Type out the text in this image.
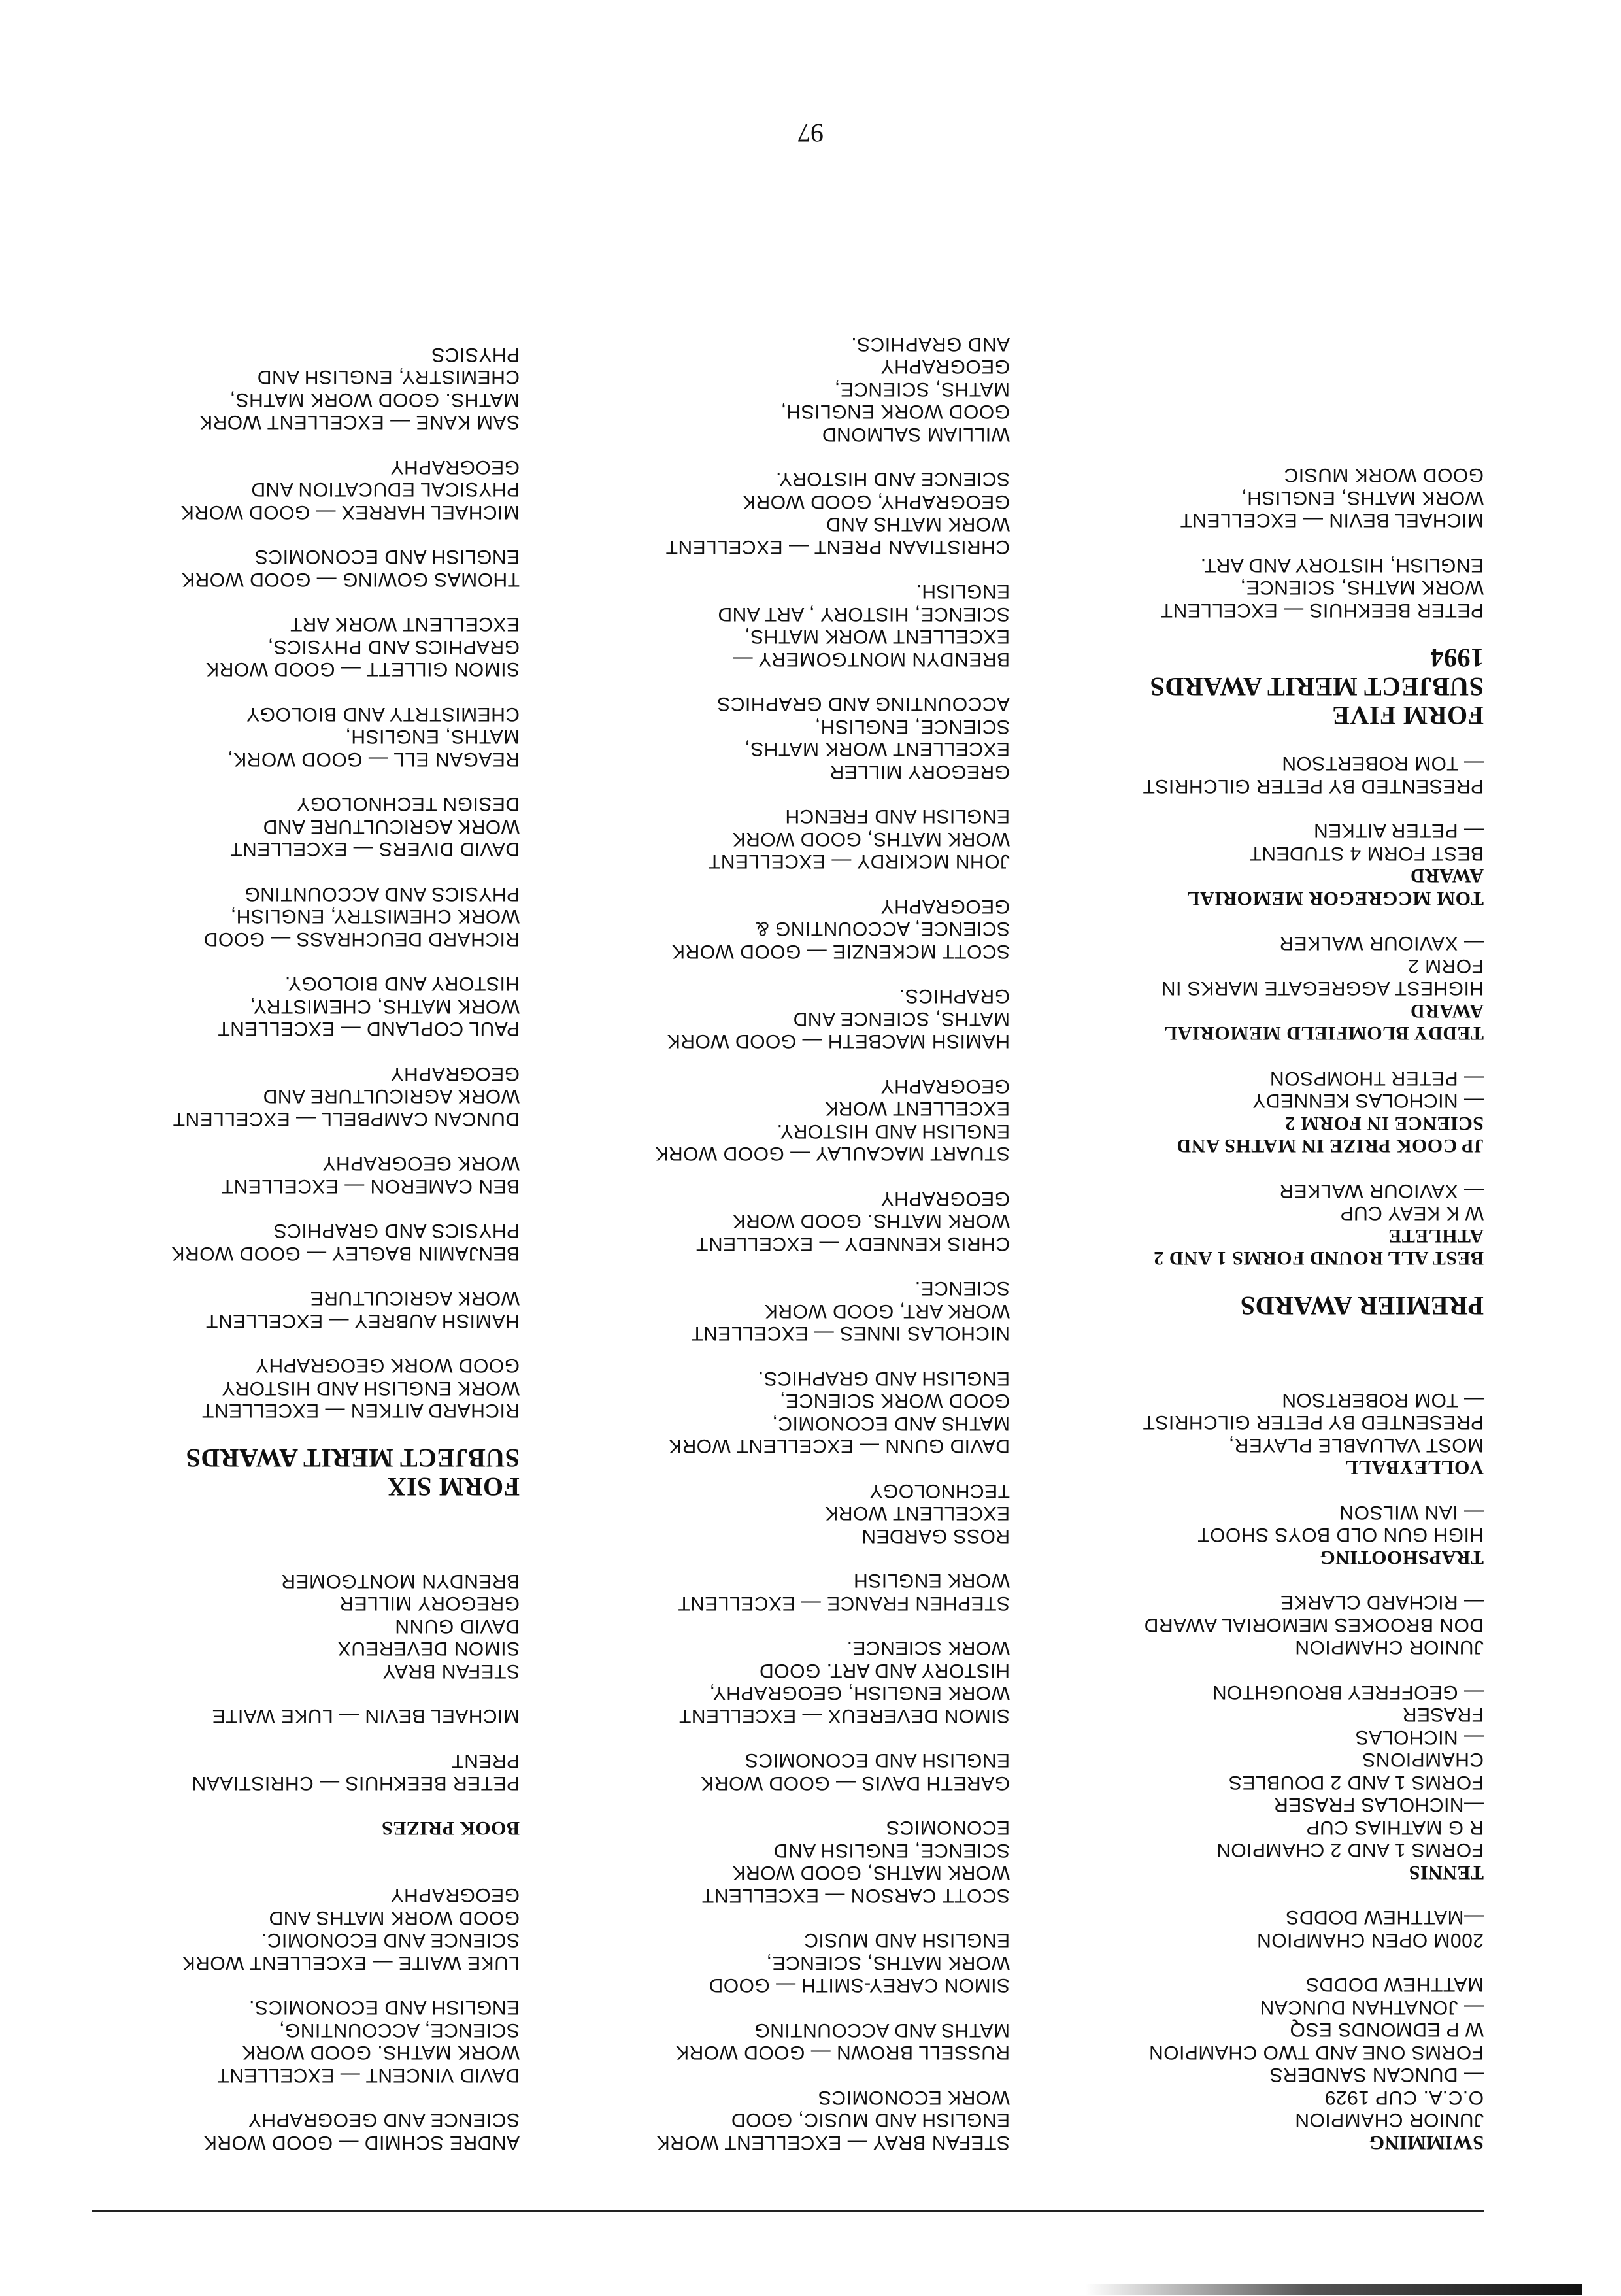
SWIMMING

JUNIOR CHAMPION

O.C.A. CUP 1929

— DUNCAN SANDERS

FORMS ONE AND TWO CHAMPION

W P EDMONDS ESQ

— JONATHAN DUNCAN

MATTHEW DODDS

200M OPEN CHAMPION

—MATTHEW DODDS

TENNIS

FORMS 1 AND 2 CHAMPION

R G MATHIAS CUP

—NICHOLAS FRASER

FORMS 1 AND 2 DOUBLES

CHAMPIONS

— NICHOLAS

FRASER

— GEOFFREY BROUGHTON

JUNIOR CHAMPION

DON BROOKES MEMORIAL AWARD

— RICHARD CLARKE

TRAPSHOOTING

HIGH GUN OLD BOYS SHOOT

— IAN WILSON

VOLLEYBALL

MOST VALUABLE PLAYER,

PRESENTED BY PETER GILCHRIST

— TOM ROBERTSON

PREMIER AWARDS

BEST ALL ROUND FORMS 1 AND 2

ATHLETE

W K KEAY CUP

— XAVIOUR WALKER

JP COOK PRIZE IN MATHS AND

SCIENCE IN FORM 2

— NICHOLAS KENNEDY

— PETER THOMPSON

TEDDY BLOMFIELD MEMORIAL

AWARD

HIGHEST AGGREGATE MARKS IN

FORM 2

— XAVIOUR WALKER

TOM MCGREGOR MEMORIAL

AWARD

BEST FORM 4 STUDENT

— PETER AITKEN

PRESENTED BY PETER GILCHRIST

— TOM ROBERTSON

FORM FIVE

SUBJECT MERIT AWARDS

1994

PETER BEEKHUIS — EXCELLENT

WORK MATHS, SCIENCE,

ENGLISH, HISTORY AND ART.

MICHAEL BEVIN — EXCELLENT

WORK MATHS, ENGLISH,

GOOD WORK MUSIC

STEFAN BRAY — EXCELLENT WORK

ENGLISH AND MUSIC, GOOD

WORK ECONOMICS

RUSSELL BROWN — GOOD WORK

MATHS AND ACCOUNTING

SIMON CAREY-SMITH — GOOD

WORK MATHS, SCIENCE,

ENGLISH AND MUSIC

SCOTT CARSON — EXCELLENT

WORK MATHS, GOOD WORK

SCIENCE, ENGLISH AND

ECONOMICS

GARETH DAVIS — GOOD WORK

ENGLISH AND ECONOMICS

SIMON DEVEREUX — EXCELLENT

WORK ENGLISH, GEOGRAPHY,

HISTORY AND ART. GOOD

WORK SCIENCE.

STEPHEN FRANCE — EXCELLENT

WORK ENGLISH

ROSS GARDEN

EXCELLENT WORK

TECHNOLOGY

DAVID GUNN — EXCELLENT WORK

MATHS AND ECONOMIC,

GOOD WORK SCIENCE,

ENGLISH AND GRAPHICS.

NICHOLAS INNES — EXCELLENT

WORK ART, GOOD WORK

SCIENCE.

CHRIS KENNEDY — EXCELLENT

WORK MATHS. GOOD WORK

GEOGRAPHY

STUART MACAULAY — GOOD WORK

ENGLISH AND HISTORY.

EXCELLENT WORK

GEOGRAPHY

HAMISH MACBETH — GOOD WORK

MATHS, SCIENCE AND

GRAPHICS.

SCOTT MCKENZIE — GOOD WORK

SCIENCE, ACCOUNTING &

GEOGRAPHY

JOHN MCKIRDY — EXCELLENT

WORK MATHS, GOOD WORK

ENGLISH AND FRENCH

GREGORY MILLER

EXCELLENT WORK MATHS,

SCIENCE, ENGLISH,

ACCOUNTING AND GRAPHICS

BRENDYN MONTGOMERY —

EXCELLENT WORK MATHS,

SCIENCE, HISTORY , ART AND

ENGLISH.

CHRISTIAAN PRENT — EXCELLENT

WORK MATHS AND

GEOGRAPHY, GOOD WORK

SCIENCE AND HISTORY.

WILLIAM SALMOND

GOOD WORK ENGLISH,

MATHS, SCIENCE,

GEOGRAPHY

AND GRAPHICS.

ANDRE SCHMID — GOOD WORK

SCIENCE AND GEOGRAPHY

DAVID VINCENT — EXCELLENT

WORK MATHS. GOOD WORK

SCIENCE, ACCOUNTING,

ENGLISH AND ECONOMICS.

LUKE WAITE — EXCELLENT WORK

SCIENCE AND ECONOMIC.

GOOD WORK MATHS AND

GEOGRAPHY

BOOK PRIZES

PETER BEEKHUIS — CHRISTIAAN

PRENT

MICHAEL BEVIN — LUKE WAITE

STEFAN BRAY

SIMON DEVEREUX

DAVID GUNN

GREGORY MILLER

BRENDYN MONTGOMER

FORM SIX

SUBJECT MERIT AWARDS

RICHARD AITKEN — EXCELLENT

WORK ENGLISH AND HISTORY

GOOD WORK GEOGRAPHY

HAMISH AUBREY — EXCELLENT

WORK AGRICULTURE

BENJAMIN BAGLEY — GOOD WORK

PHYSICS AND GRAPHICS

BEN CAMERON — EXCELLENT

WORK GEOGRAPHY

DUNCAN CAMPBELL — EXCELLENT

WORK AGRICULTURE AND

GEOGRAPHY

PAUL COPLAND — EXCELLENT

WORK MATHS, CHEMISTRY,

HISTORY AND BIOLOGY.

RICHARD DEUCHRASS — GOOD

WORK CHEMISTRY, ENGLISH,

PHYSICS AND ACCOUNTING

DAVID DIVERS — EXCELLENT

WORK AGRICULTURE AND

DESIGN TECHNOLOGY

REAGAN ELL — GOOD WORK,

MATHS, ENGLISH,

CHEMISTRTY AND BIOLOGY

SIMON GILLETT — GOOD WORK

GRAPHICS AND PHYSICS,

EXCELLENT WORK ART

THOMAS GOWING — GOOD WORK

ENGLISH AND ECONOMICS

MICHAEL HARREX — GOOD WORK

PHYSICAL EDUCATION AND

GEOGRAPHY

SAM KANE — EXCELLENT WORK

MATHS. GOOD WORK MATHS,

CHEMISTRY, ENGLISH AND

PHYSICS

97
